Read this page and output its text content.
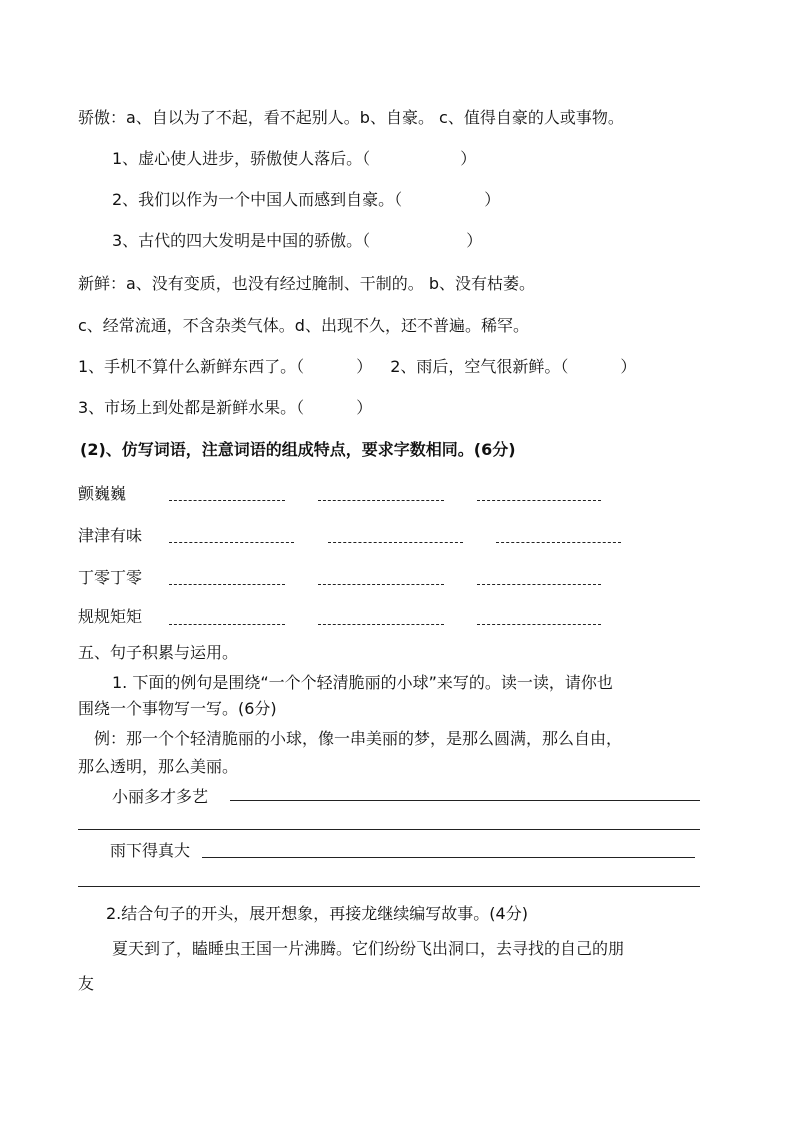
骄傲：a、自以为了不起，看不起别人。b、自豪。 c、值得自豪的人或事物。
1、虚心使人进步，骄傲使人落后。（	）
2、我们以作为一个中国人而感到自豪。（	）
3、古代的四大发明是中国的骄傲。（	）
新鲜：a、没有变质，也没有经过腌制、干制的。 b、没有枯萎。
c、经常流通，不含杂类气体。d、出现不久，还不普遍。稀罕。
1、手机不算什么新鲜东西了。（	） 2、雨后，空气很新鲜。（	）
3、市场上到处都是新鲜水果。（	）
(2)、仿写词语，注意词语的组成特点，要求字数相同。(6分)
颤巍巍
津津有味
丁零丁零
规规矩矩
五、句子积累与运用。
1. 下面的例句是围绕“一个个轻清脆丽的小球”来写的。读一读，请你也
围绕一个事物写一写。(6分)
例：那一个个轻清脆丽的小球，像一串美丽的梦，是那么圆满，那么自由，
那么透明，那么美丽。
小丽多才多艺
雨下得真大
2.结合句子的开头，展开想象，再接龙继续编写故事。(4分)
夏天到了，瞌睡虫王国一片沸腾。它们纷纷飞出洞口，去寻找的自己的朋
友
